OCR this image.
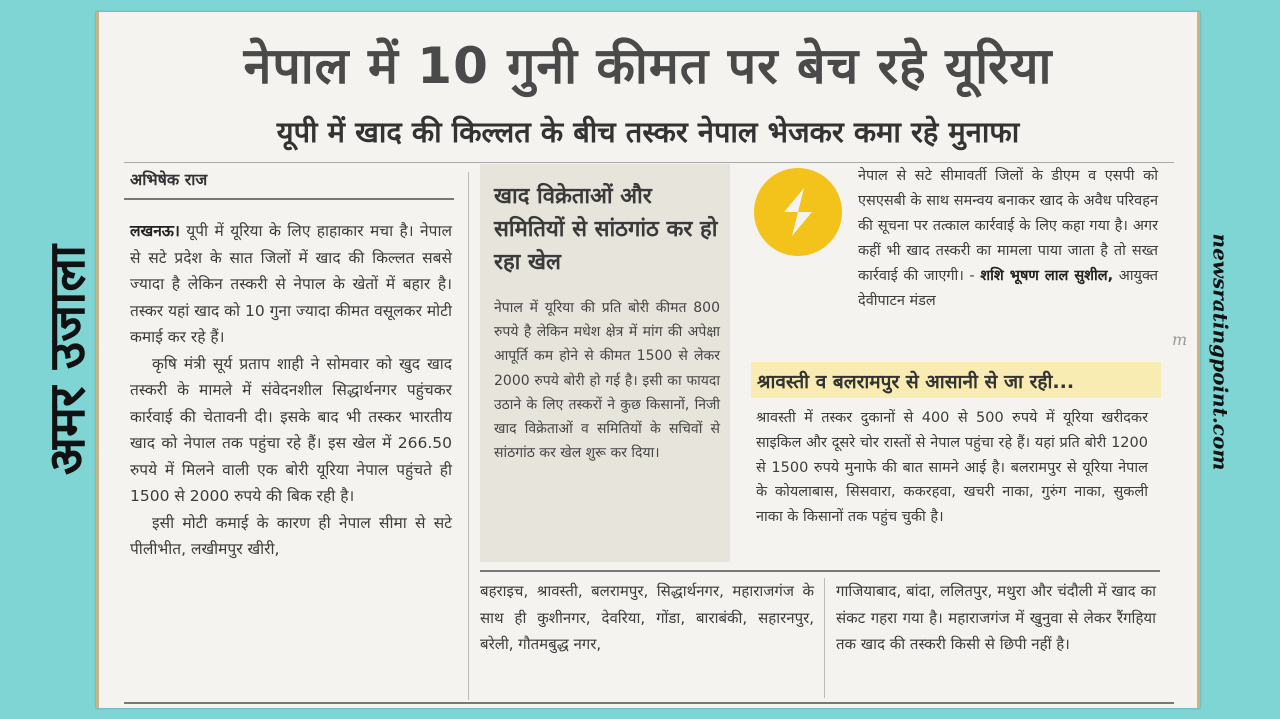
अमर उजाला
नेपाल में 10 गुनी कीमत पर बेच रहे यूरिया
यूपी में खाद की किल्लत के बीच तस्कर नेपाल भेजकर कमा रहे मुनाफा
अभिषेक राज

लखनऊ। यूपी में यूरिया के लिए हाहाकार मचा है। नेपाल से सटे प्रदेश के सात जिलों में खाद की किल्लत सबसे ज्यादा है लेकिन तस्करी से नेपाल के खेतों में बहार है। तस्कर यहां खाद को 10 गुना ज्यादा कीमत वसूलकर मोटी कमाई कर रहे हैं।

कृषि मंत्री सूर्य प्रताप शाही ने सोमवार को खुद खाद तस्करी के मामले में संवेदनशील सिद्धार्थनगर पहुंचकर कार्रवाई की चेतावनी दी। इसके बाद भी तस्कर भारतीय खाद को नेपाल तक पहुंचा रहे हैं। इस खेल में 266.50 रुपये में मिलने वाली एक बोरी यूरिया नेपाल पहुंचते ही 1500 से 2000 रुपये की बिक रही है।

इसी मोटी कमाई के कारण ही नेपाल सीमा से सटे पीलीभीत, लखीमपुर खीरी,

खाद विक्रेताओं और समितियों से सांठगांठ कर हो रहा खेल
नेपाल में यूरिया की प्रति बोरी कीमत 800 रुपये है लेकिन मधेश क्षेत्र में मांग की अपेक्षा आपूर्ति कम होने से कीमत 1500 से लेकर 2000 रुपये बोरी हो गई है। इसी का फायदा उठाने के लिए तस्करों ने कुछ किसानों, निजी खाद विक्रेताओं व समितियों के सचिवों से सांठगांठ कर खेल शुरू कर दिया।

नेपाल से सटे सीमावर्ती जिलों के डीएम व एसपी को एसएसबी के साथ समन्वय बनाकर खाद के अवैध परिवहन की सूचना पर तत्काल कार्रवाई के लिए कहा गया है। अगर कहीं भी खाद तस्करी का मामला पाया जाता है तो सख्त कार्रवाई की जाएगी। - शशि भूषण लाल सुशील, आयुक्त देवीपाटन मंडल

श्रावस्ती व बलरामपुर से आसानी से जा रही...
श्रावस्ती में तस्कर दुकानों से 400 से 500 रुपये में यूरिया खरीदकर साइकिल और दूसरे चोर रास्तों से नेपाल पहुंचा रहे हैं। यहां प्रति बोरी 1200 से 1500 रुपये मुनाफे की बात सामने आई है। बलरामपुर से यूरिया नेपाल के कोयलाबास, सिसवारा, ककरहवा, खचरी नाका, गुरुंग नाका, सुकली नाका के किसानों तक पहुंच चुकी है।
बहराइच, श्रावस्ती, बलरामपुर, सिद्धार्थनगर, महाराजगंज के साथ ही कुशीनगर, देवरिया, गोंडा, बाराबंकी, सहारनपुर, बरेली, गौतमबुद्ध नगर,
गाजियाबाद, बांदा, ललितपुर, मथुरा और चंदौली में खाद का संकट गहरा गया है। महाराजगंज में खुनुवा से लेकर रैंगहिया तक खाद की तस्करी किसी से छिपी नहीं है।
newsratingpoint.com
m
